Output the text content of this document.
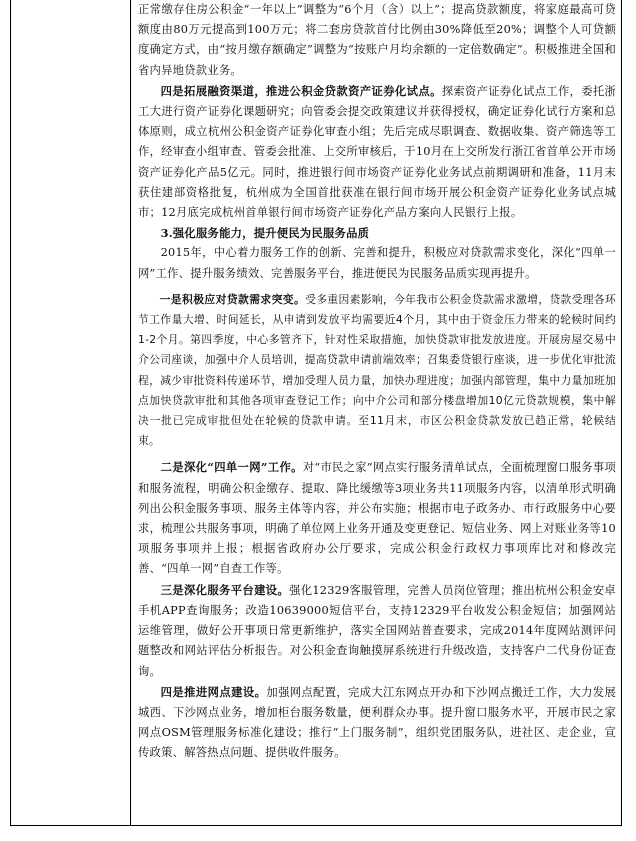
正常缴存住房公积金“一年以上”调整为“6个月（含）以上”；提高贷款额度，将家庭最高可贷额度由80万元提高到100万元；将二套房贷款首付比例由30%降低至20%；调整个人可贷额度确定方式，由“按月缴存额确定”调整为“按账户月均余额的一定倍数确定”。积极推进全国和省内异地贷款业务。

四是拓展融资渠道，推进公积金贷款资产证券化试点。探索资产证券化试点工作，委托浙工大进行资产证券化课题研究；向管委会提交政策建议并获得授权，确定证券化试行方案和总体原则，成立杭州公积金资产证券化审查小组；先后完成尽职调查、数据收集、资产筛选等工作，经审查小组审查、管委会批准、上交所审核后，于10月在上交所发行浙江省首单公开市场资产证券化产品5亿元。同时，推进银行间市场资产证券化业务试点前期调研和准备，11月末获住建部资格批复，杭州成为全国首批获准在银行间市场开展公积金资产证券化业务试点城市；12月底完成杭州首单银行间市场资产证券化产品方案向人民银行上报。

3.强化服务能力，提升便民为民服务品质

2015年，中心着力服务工作的创新、完善和提升，积极应对贷款需求变化，深化“四单一网”工作、提升服务绩效、完善服务平台，推进便民为民服务品质实现再提升。

一是积极应对贷款需求突变。受多重因素影响，今年我市公积金贷款需求激增，贷款受理各环节工作量大增、时间延长，从申请到发放平均需要近4个月，其中由于资金压力带来的轮候时间约1-2个月。第四季度，中心多管齐下，针对性采取措施，加快贷款审批发放进度。开展房屋交易中介公司座谈，加强中介人员培训，提高贷款申请前端效率；召集委贷银行座谈，进一步优化审批流程，减少审批资料传递环节，增加受理人员力量，加快办理进度；加强内部管理，集中力量加班加点加快贷款审批和其他各项审查登记工作；向中介公司和部分楼盘增加10亿元贷款规模，集中解决一批已完成审批但处在轮候的贷款申请。至11月末，市区公积金贷款发放已趋正常，轮候结束。

二是深化“四单一网”工作。对“市民之家”网点实行服务清单试点，全面梳理窗口服务事项和服务流程，明确公积金缴存、提取、降比缓缴等3项业务共11项服务内容，以清单形式明确列出公积金服务事项、服务主体等内容，并公布实施；根据市电子政务办、市行政服务中心要求，梳理公共服务事项，明确了单位网上业务开通及变更登记、短信业务、网上对账业务等10项服务事项并上报；根据省政府办公厅要求，完成公积金行政权力事项库比对和修改完善、“四单一网”自查工作等。

三是深化服务平台建设。强化12329客服管理，完善人员岗位管理；推出杭州公积金安卓手机APP查询服务；改造10639000短信平台，支持12329平台收发公积金短信；加强网站运维管理，做好公开事项日常更新维护，落实全国网站普查要求，完成2014年度网站测评问题整改和网站评估分析报告。对公积金查询触摸屏系统进行升级改造，支持客户二代身份证查询。

四是推进网点建设。加强网点配置，完成大江东网点开办和下沙网点搬迁工作，大力发展城西、下沙网点业务，增加柜台服务数量，便利群众办事。提升窗口服务水平，开展市民之家网点OSM管理服务标准化建设；推行“上门服务制”，组织党团服务队，进社区、走企业，宣传政策、解答热点问题、提供收件服务。
